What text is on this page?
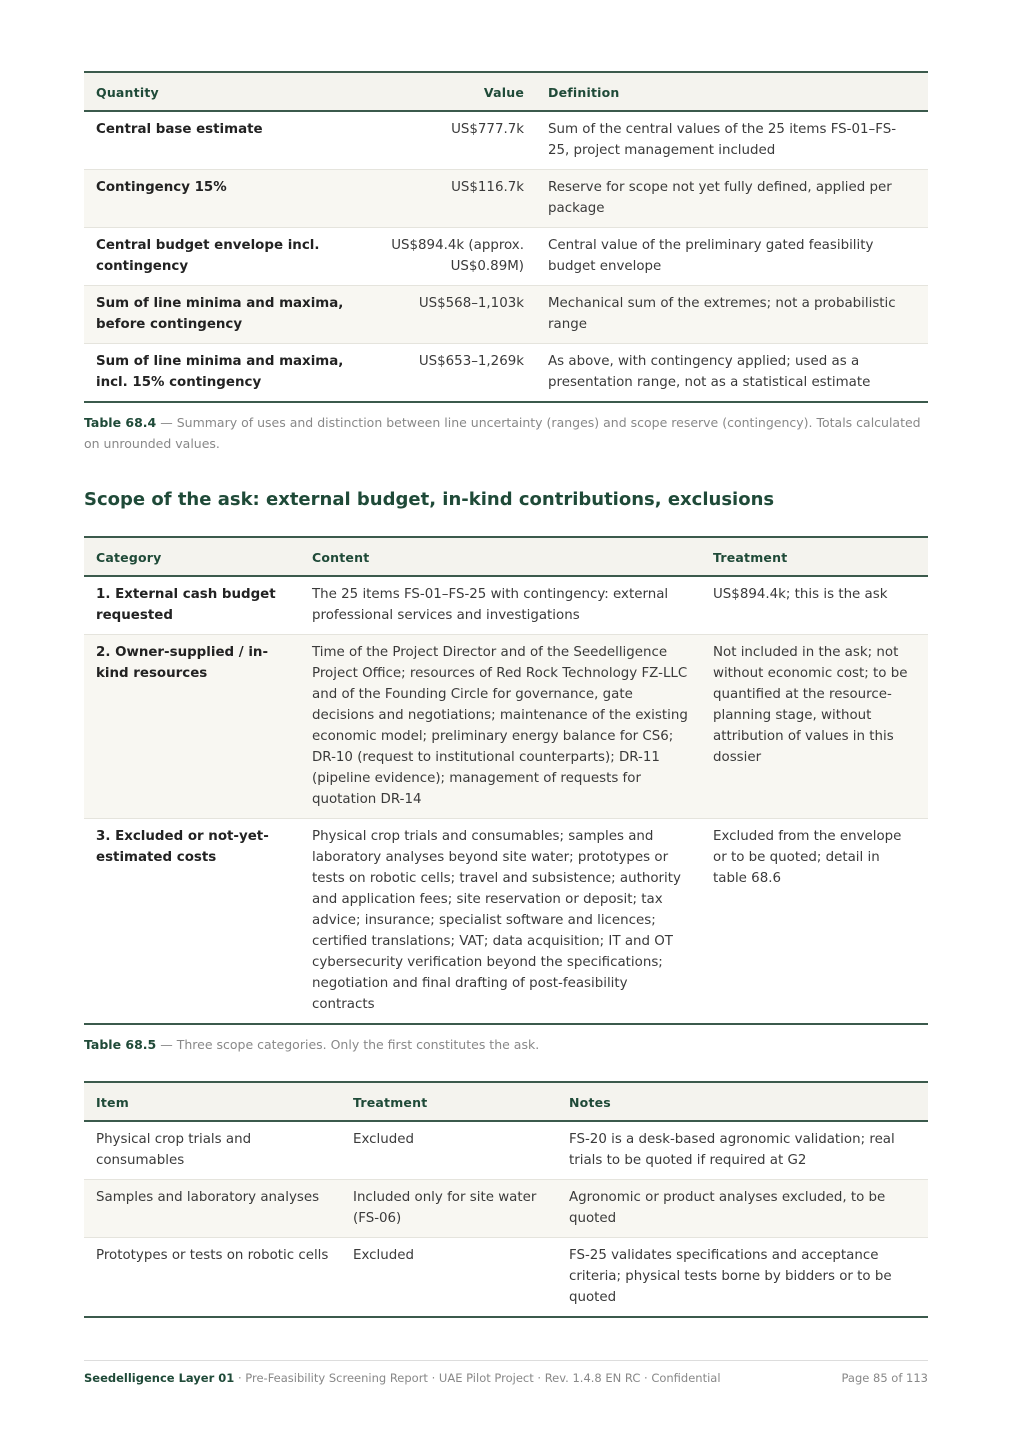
Quantity	Value	Definition
Central base estimate	US$777.7k	Sum of the central values of the 25 items FS-01–FS-25, project management included
Contingency 15%	US$116.7k	Reserve for scope not yet fully defined, applied per package
Central budget envelope incl. contingency	US$894.4k (approx. US$0.89M)	Central value of the preliminary gated feasibility budget envelope
Sum of line minima and maxima, before contingency	US$568–1,103k	Mechanical sum of the extremes; not a probabilistic range
Sum of line minima and maxima, incl. 15% contingency	US$653–1,269k	As above, with contingency applied; used as a presentation range, not as a statistical estimate

Table 68.4 — Summary of uses and distinction between line uncertainty (ranges) and scope reserve (contingency). Totals calculated on unrounded values.

Scope of the ask: external budget, in-kind contributions, exclusions
Category	Content	Treatment
1. External cash budget requested	The 25 items FS-01–FS-25 with contingency: external professional services and investigations	US$894.4k; this is the ask
2. Owner-supplied / in-kind resources	Time of the Project Director and of the Seedelligence Project Office; resources of Red Rock Technology FZ-LLC and of the Founding Circle for governance, gate decisions and negotiations; maintenance of the existing economic model; preliminary energy balance for CS6; DR-10 (request to institutional counterparts); DR-11 (pipeline evidence); management of requests for quotation DR-14	Not included in the ask; not without economic cost; to be quantified at the resource-planning stage, without attribution of values in this dossier
3. Excluded or not-yet-estimated costs	Physical crop trials and consumables; samples and laboratory analyses beyond site water; prototypes or tests on robotic cells; travel and subsistence; authority and application fees; site reservation or deposit; tax advice; insurance; specialist software and licences; certified translations; VAT; data acquisition; IT and OT cybersecurity verification beyond the specifications; negotiation and final drafting of post-feasibility contracts	Excluded from the envelope or to be quoted; detail in table 68.6

Table 68.5 — Three scope categories. Only the first constitutes the ask.

Item	Treatment	Notes
Physical crop trials and consumables	Excluded	FS-20 is a desk-based agronomic validation; real trials to be quoted if required at G2
Samples and laboratory analyses	Included only for site water (FS-06)	Agronomic or product analyses excluded, to be quoted
Prototypes or tests on robotic cells	Excluded	FS-25 validates specifications and acceptance criteria; physical tests borne by bidders or to be quoted
Seedelligence Layer 01 · Pre-Feasibility Screening Report · UAE Pilot Project · Rev. 1.4.8 EN RC · Confidential	Page 85 of 113
